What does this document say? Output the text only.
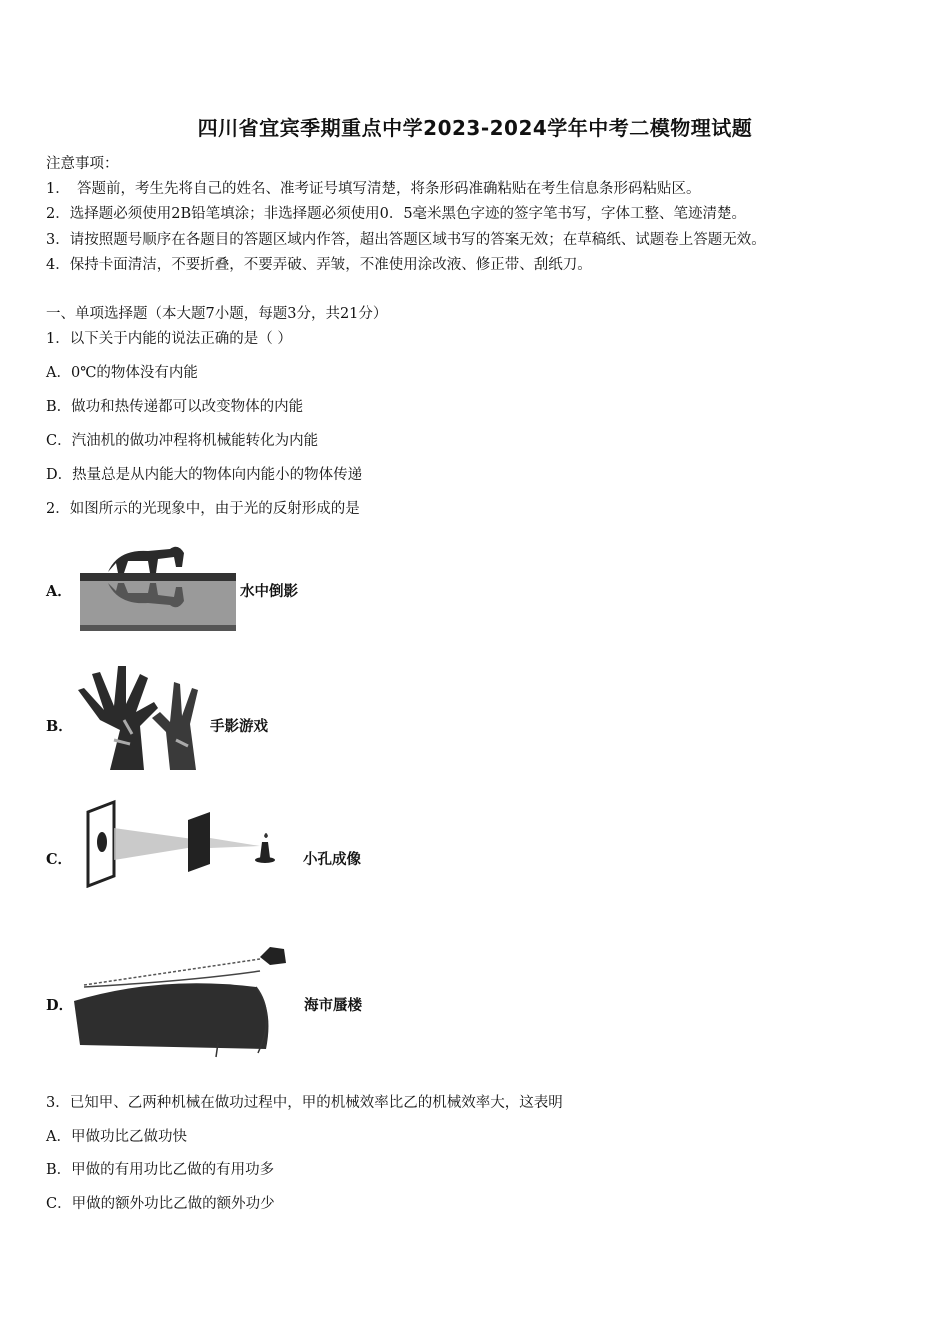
四川省宜宾季期重点中学2023-2024学年中考二模物理试题
注意事项：
1．　答题前，考生先将自己的姓名、准考证号填写清楚，将条形码准确粘贴在考生信息条形码粘贴区。
2．选择题必须使用2B铅笔填涂；非选择题必须使用0．5毫米黑色字迹的签字笔书写，字体工整、笔迹清楚。
3．请按照题号顺序在各题目的答题区域内作答，超出答题区域书写的答案无效；在草稿纸、试题卷上答题无效。
4．保持卡面清洁，不要折叠，不要弄破、弄皱，不准使用涂改液、修正带、刮纸刀。
一、单项选择题（本大题7小题，每题3分，共21分）
1．以下关于内能的说法正确的是（ ）
A．0℃的物体没有内能
B．做功和热传递都可以改变物体的内能
C．汽油机的做功冲程将机械能转化为内能
D．热量总是从内能大的物体向内能小的物体传递
2．如图所示的光现象中，由于光的反射形成的是
A．	水中倒影
B．	手影游戏
C．	小孔成像
D．	海市蜃楼
3．已知甲、乙两种机械在做功过程中，甲的机械效率比乙的机械效率大，这表明
A．甲做功比乙做功快
B．甲做的有用功比乙做的有用功多
C．甲做的额外功比乙做的额外功少
